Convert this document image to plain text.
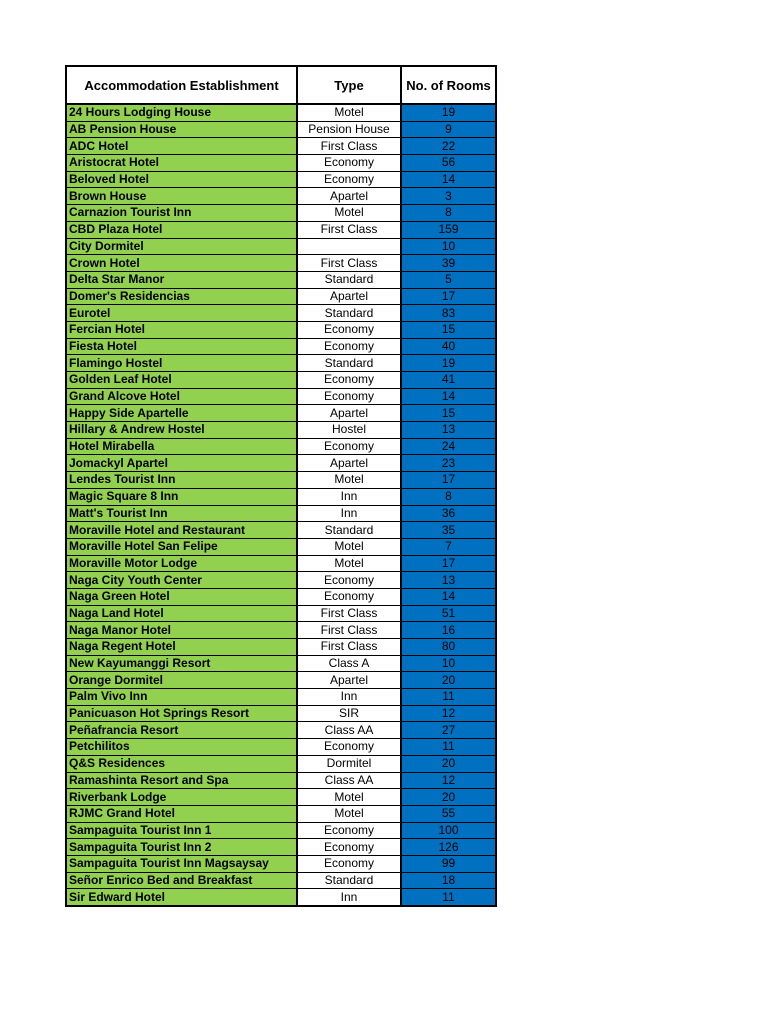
Accommodation Establishment	Type	No. of Rooms
24 Hours Lodging House	Motel	19
AB Pension House	Pension House	9
ADC Hotel	First Class	22
Aristocrat Hotel	Economy	56
Beloved Hotel	Economy	14
Brown House	Apartel	3
Carnazion Tourist Inn	Motel	8
CBD Plaza Hotel	First Class	159
City Dormitel		10
Crown Hotel	First Class	39
Delta Star Manor	Standard	5
Domer's Residencias	Apartel	17
Eurotel	Standard	83
Fercian Hotel	Economy	15
Fiesta Hotel	Economy	40
Flamingo Hostel	Standard	19
Golden Leaf Hotel	Economy	41
Grand Alcove Hotel	Economy	14
Happy Side Apartelle	Apartel	15
Hillary & Andrew Hostel	Hostel	13
Hotel Mirabella	Economy	24
Jomackyl Apartel	Apartel	23
Lendes Tourist Inn	Motel	17
Magic Square 8 Inn	Inn	8
Matt's Tourist Inn	Inn	36
Moraville Hotel and Restaurant	Standard	35
Moraville Hotel San Felipe	Motel	7
Moraville Motor Lodge	Motel	17
Naga City Youth Center	Economy	13
Naga Green Hotel	Economy	14
Naga Land Hotel	First Class	51
Naga Manor Hotel	First Class	16
Naga Regent Hotel	First Class	80
New Kayumanggi Resort	Class A	10
Orange Dormitel	Apartel	20
Palm Vivo Inn	Inn	11
Panicuason Hot Springs Resort	SIR	12
Peñafrancia Resort	Class AA	27
Petchilitos	Economy	11
Q&S Residences	Dormitel	20
Ramashinta Resort and Spa	Class AA	12
Riverbank Lodge	Motel	20
RJMC Grand Hotel	Motel	55
Sampaguita Tourist Inn 1	Economy	100
Sampaguita Tourist Inn 2	Economy	126
Sampaguita Tourist Inn Magsaysay	Economy	99
Señor Enrico Bed and Breakfast	Standard	18
Sir Edward Hotel	Inn	11
